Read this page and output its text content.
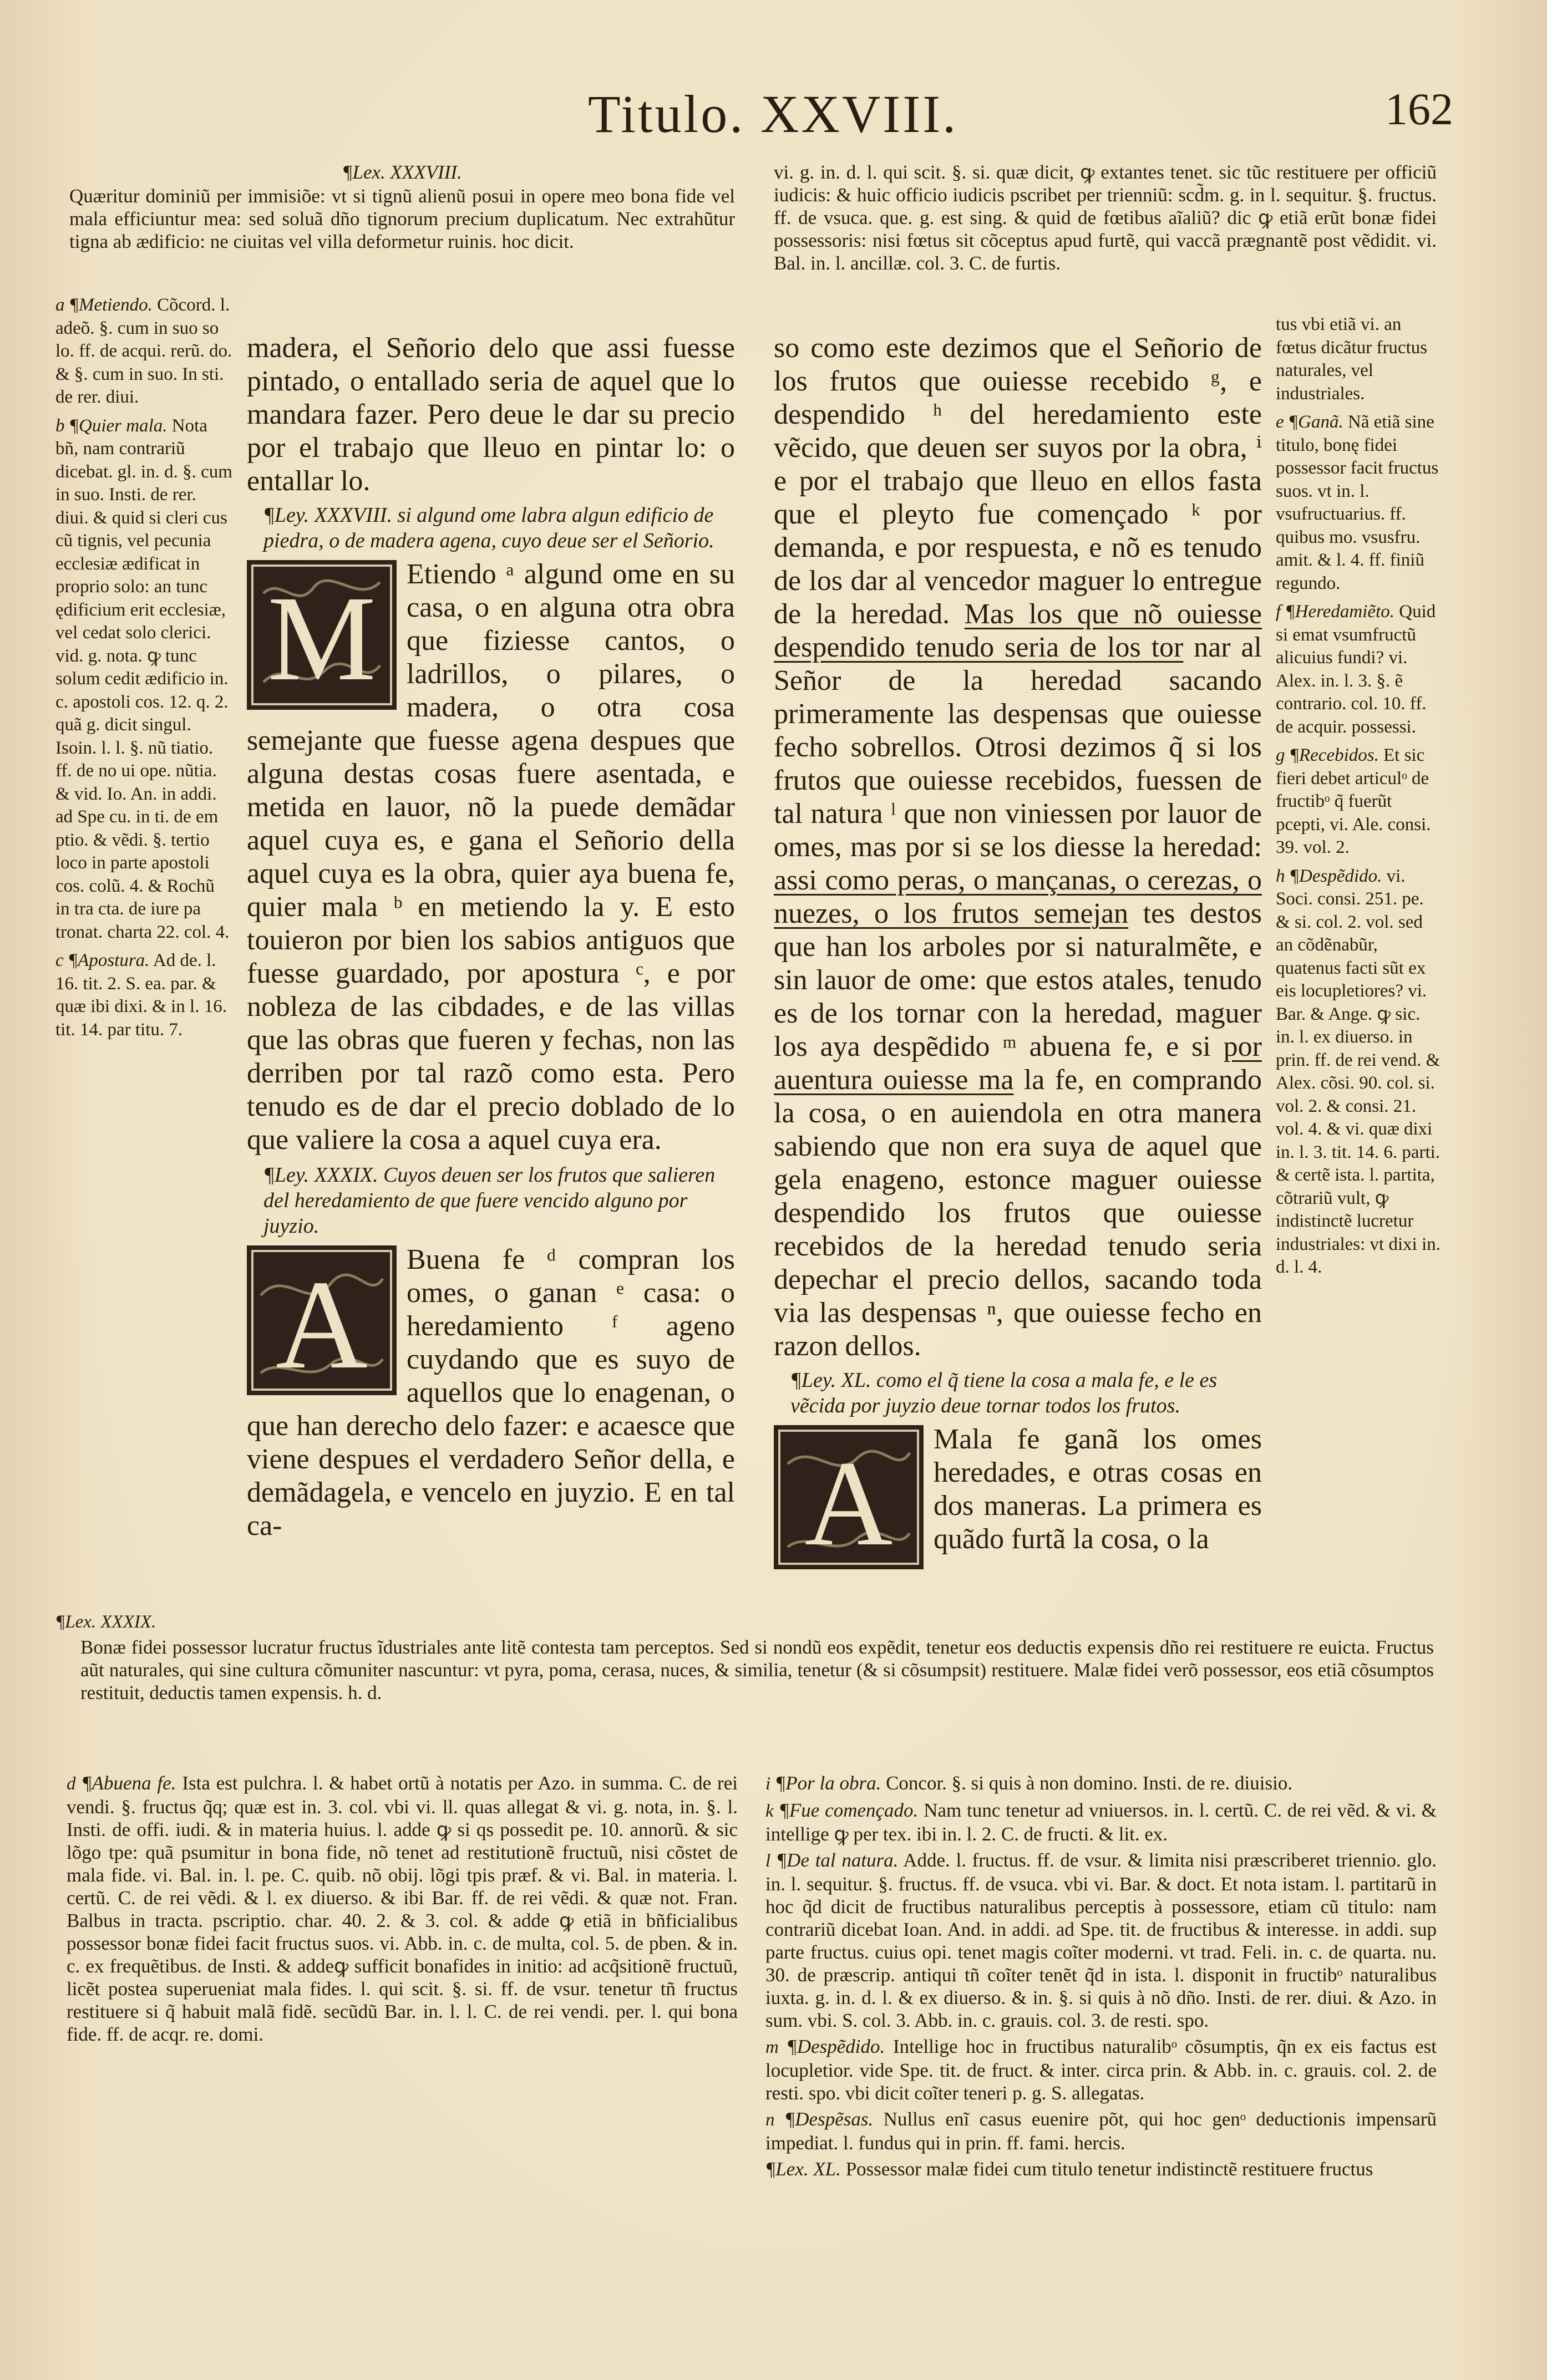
Titulo. XXVIII.	162

¶Lex. XXXVIII.

Quæritur dominiũ per immisiõe: vt si tignũ alienũ posui in opere meo bona fide vel mala efficiuntur mea: sed soluã dño tignorum precium duplicatum. Nec extrahũtur tigna ab ædificio: ne ciuitas vel villa deformetur ruinis. hoc dicit.

vi. g. in. d. l. qui scit. §. si. quæ dicit, ꝙ extantes tenet. sic tũc restituere per officiũ iudicis: & huic officio iudicis pscribet per trienniũ: scd̃m. g. in l. sequitur. §. fructus. ff. de vsuca. que. g. est sing. & quid de fœtibus aĩaliũ? dic ꝙ etiã erũt bonæ fidei possessoris: nisi fœtus sit cõceptus apud furtẽ, qui vaccã prægnantẽ post vẽdidit. vi. Bal. in. l. ancillæ. col. 3. C. de furtis.

a ¶Metiendo. Cõcord. l. adeõ. §. cum in suo so lo. ff. de acqui. rerũ. do. & §. cum in suo. In sti. de rer. diui.

b ¶Quier mala. Nota bñ, nam contrariũ dicebat. gl. in. d. §. cum in suo. Insti. de rer. diui. & quid si cleri cus cũ tignis, vel pecunia ecclesiæ ædificat in proprio solo: an tunc ędificium erit ecclesiæ, vel cedat solo clerici. vid. g. nota. ꝙ tunc solum cedit ædificio in. c. apostoli cos. 12. q. 2. quã g. dicit singul. Isoin. l. l. §. nũ tiatio. ff. de no ui ope. nũtia. & vid. Io. An. in addi. ad Spe cu. in ti. de em ptio. & vẽdi. §. tertio loco in parte apostoli cos. colũ. 4. & Rochũ in tra cta. de iure pa tronat. charta 22. col. 4.

c ¶Apostura. Ad de. l. 16. tit. 2. S. ea. par. & quæ ibi dixi. & in l. 16. tit. 14. par titu. 7.

¶Lex. XXXIX.

Bonæ fidei possessor lucratur fructus ĩdustriales ante litẽ contesta tam perceptos. Sed si nondũ eos expẽdit, tenetur eos deductis expensis dño rei restituere re euicta. Fructus aũt naturales, qui sine cultura cõmuniter nascuntur: vt pyra, poma, cerasa, nuces, & similia, tenetur (& si cõsumpsit) restituere. Malæ fidei verõ possessor, eos etiã cõsumptos restituit, deductis tamen expensis. h. d.

madera, el Señorio delo que assi fuesse pintado, o entallado seria de aquel que lo mandara fazer. Pero deue le dar su precio por el trabajo que lleuo en pintar lo: o entallar lo.

¶Ley. XXXVIII. si algund ome labra algun edificio de piedra, o de madera agena, cuyo deue ser el Señorio.
M Etiendo ᵃ algund ome en su casa, o en alguna otra obra que fiziesse cantos, o ladrillos, o pilares, o madera, o otra cosa semejante que fuesse agena despues que alguna destas cosas fuere asentada, e metida en lauor, nõ la puede demãdar aquel cuya es, e gana el Señorio della aquel cuya es la obra, quier aya buena fe, quier mala ᵇ en metiendo la y. E esto touieron por bien los sabios antiguos que fuesse guardado, por apostura ᶜ, e por nobleza de las cibdades, e de las villas que las obras que fueren y fechas, non las derriben por tal razõ como esta. Pero tenudo es de dar el precio doblado de lo que valiere la cosa a aquel cuya era.
¶Ley. XXXIX. Cuyos deuen ser los frutos que salieren del heredamiento de que fuere vencido alguno por juyzio.
A Buena fe ᵈ compran los omes, o ganan ᵉ casa: o heredamiento ᶠ ageno cuydando que es suyo de aquellos que lo enagenan, o que han derecho delo fazer: e acaesce que viene despues el verdadero Señor della, e demãdagela, e vencelo en juyzio. E en tal ca-

so como este dezimos que el Señorio de los frutos que ouiesse recebido ᵍ, e despendido ʰ del heredamiento este vẽcido, que deuen ser suyos por la obra, ⁱ e por el trabajo que lleuo en ellos fasta que el pleyto fue començado ᵏ por demanda, e por respuesta, e nõ es tenudo de los dar al vencedor maguer lo entregue de la heredad. Mas los que nõ ouiesse despendido tenudo seria de los tor nar al Señor de la heredad sacando primeramente las despensas que ouiesse fecho sobrellos. Otrosi dezimos q̃ si los frutos que ouiesse recebidos, fuessen de tal natura ˡ que non viniessen por lauor de omes, mas por si se los diesse la heredad: assi como peras, o mançanas, o cerezas, o nuezes, o los frutos semejan tes destos que han los arboles por si naturalmẽte, e sin lauor de ome: que estos atales, tenudo es de los tornar con la heredad, maguer los aya despẽdido ᵐ abuena fe, e si por auentura ouiesse ma la fe, en comprando la cosa, o en auiendola en otra manera sabiendo que non era suya de aquel que gela enageno, estonce maguer ouiesse despendido los frutos que ouiesse recebidos de la heredad tenudo seria depechar el precio dellos, sacando toda via las despensas ⁿ, que ouiesse fecho en razon dellos.

¶Ley. XL. como el q̃ tiene la cosa a mala fe, e le es vẽcida por juyzio deue tornar todos los frutos.
A Mala fe ganã los omes heredades, e otras cosas en dos maneras. La primera es quãdo furtã la cosa, o la

tus vbi etiã vi. an fœtus dicãtur fructus naturales, vel industriales.

e ¶Ganã. Nã etiã sine titulo, bonę fidei possessor facit fructus suos. vt in. l. vsufructuarius. ff. quibus mo. vsusfru. amit. & l. 4. ff. finiũ regundo.

f ¶Heredamiẽto. Quid si emat vsumfructũ alicuius fundi? vi. Alex. in. l. 3. §. ẽ contrario. col. 10. ff. de acquir. possessi.

g ¶Recebidos. Et sic fieri debet articulᵒ de fructibᵒ q̃ fuerũt pcepti, vi. Ale. consi. 39. vol. 2.

h ¶Despẽdido. vi. Soci. consi. 251. pe. & si. col. 2. vol. sed an cõdẽnabũr, quatenus facti sũt ex eis locupletiores? vi. Bar. & Ange. ꝙ sic. in. l. ex diuerso. in prin. ff. de rei vend. & Alex. cõsi. 90. col. si. vol. 2. & consi. 21. vol. 4. & vi. quæ dixi in. l. 3. tit. 14. 6. parti. & certẽ ista. l. partita, cõtrariũ vult, ꝙ indistinctẽ lucretur industriales: vt dixi in. d. l. 4.

d ¶Abuena fe. Ista est pulchra. l. & habet ortũ à notatis per Azo. in summa. C. de rei vendi. §. fructus q̃q; quæ est in. 3. col. vbi vi. ll. quas allegat & vi. g. nota, in. §. l. Insti. de offi. iudi. & in materia huius. l. adde ꝙ si qs possedit pe. 10. annorũ. & sic lõgo tpe: quã psumitur in bona fide, nõ tenet ad restitutionẽ fructuũ, nisi cõstet de mala fide. vi. Bal. in. l. pe. C. quib. nõ obij. lõgi tpis præf. & vi. Bal. in materia. l. certũ. C. de rei vẽdi. & l. ex diuerso. & ibi Bar. ff. de rei vẽdi. & quæ not. Fran. Balbus in tracta. pscriptio. char. 40. 2. & 3. col. & adde ꝙ etiã in bñficialibus possessor bonæ fidei facit fructus suos. vi. Abb. in. c. de multa, col. 5. de pben. & in. c. ex frequẽtibus. de Insti. & addeꝙ sufficit bonafides in initio: ad acq̃sitionẽ fructuũ, licẽt postea superueniat mala fides. l. qui scit. §. si. ff. de vsur. tenetur tñ fructus restituere si q̃ habuit malã fidẽ. secũdũ Bar. in. l. l. C. de rei vendi. per. l. qui bona fide. ff. de acqr. re. domi.

i ¶Por la obra. Concor. §. si quis à non domino. Insti. de re. diuisio.

k ¶Fue començado. Nam tunc tenetur ad vniuersos. in. l. certũ. C. de rei vẽd. & vi. & intellige ꝙ per tex. ibi in. l. 2. C. de fructi. & lit. ex.

l ¶De tal natura. Adde. l. fructus. ff. de vsur. & limita nisi præscriberet triennio. glo. in. l. sequitur. §. fructus. ff. de vsuca. vbi vi. Bar. & doct. Et nota istam. l. partitarũ in hoc q̃d dicit de fructibus naturalibus perceptis à possessore, etiam cũ titulo: nam contrariũ dicebat Ioan. And. in addi. ad Spe. tit. de fructibus & interesse. in addi. sup parte fructus. cuius opi. tenet magis coĩter moderni. vt trad. Feli. in. c. de quarta. nu. 30. de præscrip. antiqui tñ coĩter tenẽt q̃d in ista. l. disponit in fructibᵒ naturalibus iuxta. g. in. d. l. & ex diuerso. & in. §. si quis à nõ dño. Insti. de rer. diui. & Azo. in sum. vbi. S. col. 3. Abb. in. c. grauis. col. 3. de resti. spo.

m ¶Despẽdido. Intellige hoc in fructibus naturalibᵒ cõsumptis, q̃n ex eis factus est locupletior. vide Spe. tit. de fruct. & inter. circa prin. & Abb. in. c. grauis. col. 2. de resti. spo. vbi dicit coĩter teneri p. g. S. allegatas.

n ¶Despẽsas. Nullus enĩ casus euenire põt, qui hoc genᵒ deductionis impensarũ impediat. l. fundus qui in prin. ff. fami. hercis.

¶Lex. XL. Possessor malæ fidei cum titulo tenetur indistinctẽ restituere fructus
